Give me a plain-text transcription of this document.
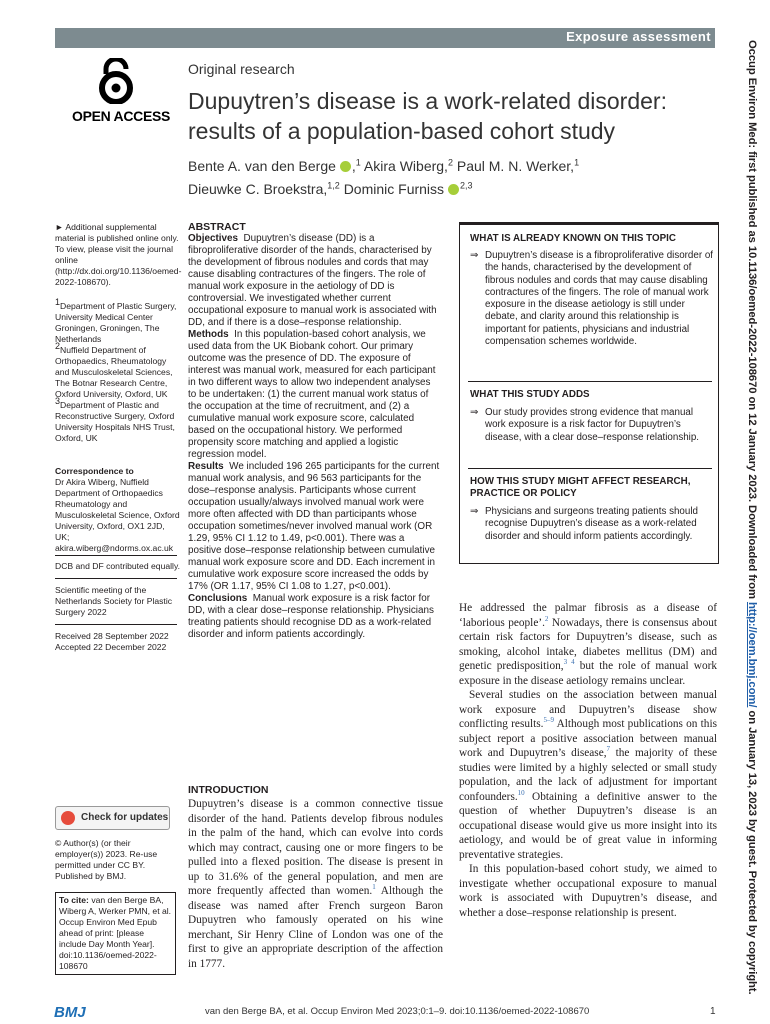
Exposure assessment
OPEN ACCESS
Original research
Dupuytren’s disease is a work-related disorder:
results of a population-based cohort study
Bente A. van den Berge ,$^1$ Akira Wiberg,$^2$ Paul M. N. Werker,$^1$
Dieuwke C. Broekstra,$^{1,2}$ Dominic Furniss $^{2,3}$
► Additional supplemental material is published online only. To view, please visit the journal online (http://dx.doi.org/10.1136/oemed-2022-108670).
$^1$Department of Plastic Surgery, University Medical Center Groningen, Groningen, The Netherlands
$^2$Nuffield Department of Orthopaedics, Rheumatology and Musculoskeletal Sciences, The Botnar Research Centre, Oxford University, Oxford, UK
$^3$Department of Plastic and Reconstructive Surgery, Oxford University Hospitals NHS Trust, Oxford, UK
Correspondence to
Dr Akira Wiberg, Nuffield Department of Orthopaedics Rheumatology and Musculoskeletal Science, Oxford University, Oxford, OX1 2JD, UK; akira.wiberg@ndorms.ox.ac.uk
DCB and DF contributed equally.
Scientific meeting of the Netherlands Society for Plastic Surgery 2022
Received 28 September 2022
Accepted 22 December 2022
Check for updates
© Author(s) (or their employer(s)) 2023. Re-use permitted under CC BY. Published by BMJ.
To cite: van den Berge BA, Wiberg A, Werker PMN, et al. Occup Environ Med Epub ahead of print: [please include Day Month Year]. doi:10.1136/oemed-2022-108670
ABSTRACT

Objectives Dupuytren’s disease (DD) is a fibroproliferative disorder of the hands, characterised by the development of fibrous nodules and cords that may cause disabling contractures of the fingers. The role of manual work exposure in the aetiology of DD is controversial. We investigated whether current occupational exposure to manual work is associated with DD, and if there is a dose–response relationship.

Methods In this population-based cohort analysis, we used data from the UK Biobank cohort. Our primary outcome was the presence of DD. The exposure of interest was manual work, measured for each participant in two different ways to allow two independent analyses to be undertaken: (1) the current manual work status of the occupation at the time of recruitment, and (2) a cumulative manual work exposure score, calculated based on the occupational history. We performed propensity score matching and applied a logistic regression model.

Results We included 196 265 participants for the current manual work analysis, and 96 563 participants for the dose–response analysis. Participants whose current occupation usually/always involved manual work were more often affected with DD than participants whose occupation sometimes/never involved manual work (OR 1.29, 95% CI 1.12 to 1.49, p<0.001). There was a positive dose–response relationship between cumulative manual work exposure score and DD. Each increment in cumulative work exposure score increased the odds by 17% (OR 1.17, 95% CI 1.08 to 1.27, p<0.001).

Conclusions Manual work exposure is a risk factor for DD, with a clear dose–response relationship. Physicians treating patients should recognise DD as a work-related disorder and inform patients accordingly.

WHAT IS ALREADY KNOWN ON THIS TOPIC
⇒ Dupuytren’s disease is a fibroproliferative disorder of the hands, characterised by the development of fibrous nodules and cords that may cause disabling contractures of the fingers. The role of manual work exposure in the disease aetiology is still under debate, and clarity around this relationship is important for patients, physicians and industrial compensation schemes worldwide.
WHAT THIS STUDY ADDS
⇒ Our study provides strong evidence that manual work exposure is a risk factor for Dupuytren’s disease, with a clear dose–response relationship.
HOW THIS STUDY MIGHT AFFECT RESEARCH, PRACTICE OR POLICY
⇒ Physicians and surgeons treating patients should recognise Dupuytren’s disease as a work-related disorder and should inform patients accordingly.
INTRODUCTION
Dupuytren’s disease is a common connective tissue disorder of the hand. Patients develop fibrous nodules in the palm of the hand, which can evolve into cords which may contract, causing one or more fingers to be pulled into a flexed position. The disease is present in up to 31.6% of the general population, and men are more frequently affected than women.$^1$ Although the disease was named after French surgeon Baron Dupuytren who famously operated on his wine merchant, Sir Henry Cline of London was one of the first to give an appropriate description of the affection in 1777.

He addressed the palmar fibrosis as a disease of ‘laborious people’.$^2$ Nowadays, there is consensus about certain risk factors for Dupuytren’s disease, such as smoking, alcohol intake, diabetes mellitus (DM) and genetic predisposition,$^{3 4}$ but the role of manual work exposure in the disease aetiology remains unclear.

Several studies on the association between manual work exposure and Dupuytren’s disease show conflicting results.$^{5-9}$ Although most publications on this subject report a positive association between manual work and Dupuytren’s disease,$^7$ the majority of these studies were limited by a highly selected or small study population, and the lack of adjustment for important confounders.$^{10}$ Obtaining a definitive answer to the question of whether Dupuytren’s disease is an occupational disease would give us more insight into its aetiology, and would be of great value in informing preventative strategies.

In this population-based cohort study, we aimed to investigate whether occupational exposure to manual work is associated with Dupuytren’s disease, and whether a dose–response relationship is present.

BMJ	van den Berge BA, et al. Occup Environ Med 2023;0:1–9. doi:10.1136/oemed-2022-108670	1
Occup Environ Med: first published as 10.1136/oemed-2022-108670 on 12 January 2023. Downloaded from http://oem.bmj.com/ on January 13, 2023 by guest. Protected by copyright.
